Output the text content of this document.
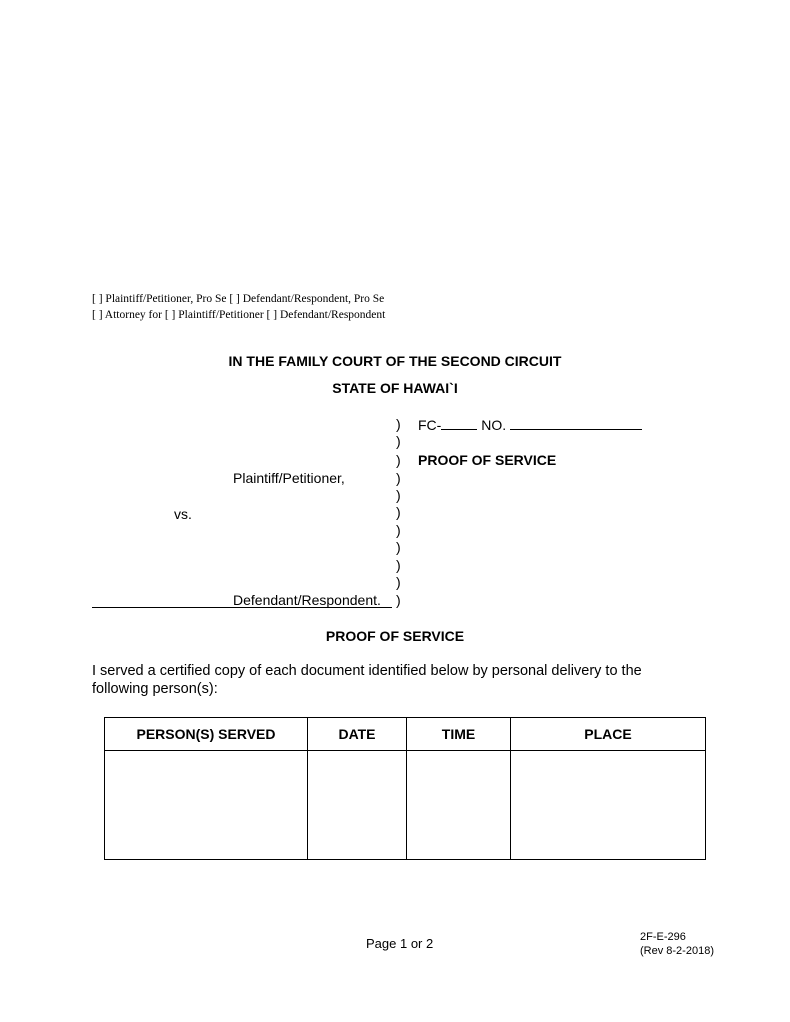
[ ] Plaintiff/Petitioner, Pro Se [ ] Defendant/Respondent, Pro Se
[ ] Attorney for [ ] Plaintiff/Petitioner [ ] Defendant/Respondent
IN THE FAMILY COURT OF THE SECOND CIRCUIT
STATE OF HAWAI`I
)
)
)
)
)
)
)
)
)
)
)
FC-	NO.
PROOF OF SERVICE
Plaintiff/Petitioner,
vs.
Defendant/Respondent.
PROOF OF SERVICE
I served a certified copy of each document identified below by personal delivery to the
following person(s):
PERSON(S) SERVED	DATE	TIME	PLACE

Page 1 or 2	2F-E-296
(Rev 8-2-2018)
